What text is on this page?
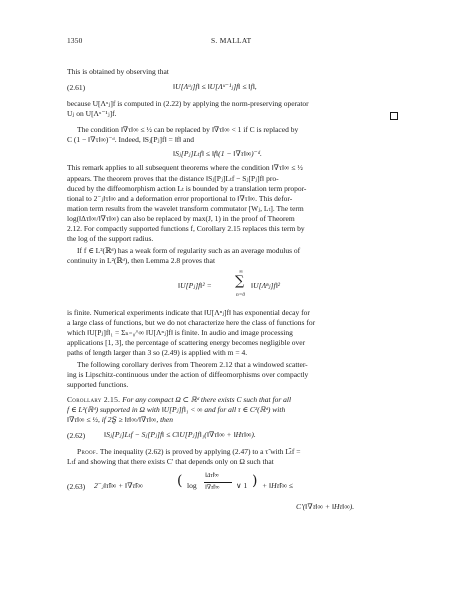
1350	S. MALLAT
This is obtained by observing that
(2.61)	‖U[Λᵘⱼ]f‖ ≤ ‖U[Λᵘ⁻¹ⱼ]f‖ ≤ ‖f‖,
because U[Λᵘⱼ]f is computed in (2.22) by applying the norm-preserving operator
Uⱼ on U[Λᵘ⁻¹ⱼ]f.
The condition ‖∇τ‖∞ ≤ ½ can be replaced by ‖∇τ‖∞ < 1 if C is replaced by
C (1 − ‖∇τ‖∞)⁻ᵈ. Indeed, ‖Sⱼ[Pⱼ]f‖ = ‖f‖ and
‖Sⱼ[Pⱼ]Lₜf‖ ≤ ‖f‖(1 − ‖∇τ‖∞)⁻ᵈ.
This remark applies to all subsequent theorems where the condition ‖∇τ‖∞ ≤ ½
appears. The theorem proves that the distance ‖Sⱼ[Pⱼ]Lₜf − Sⱼ[Pⱼ]f‖ pro-
duced by the diffeomorphism action Lₜ is bounded by a translation term propor-
tional to 2⁻ⱼ‖τ‖∞ and a deformation error proportional to ‖∇τ‖∞. This defor-
mation term results from the wavelet transform commutator [Wⱼ, Lₜ]. The term
log(‖Δτ‖∞/‖∇τ‖∞) can also be replaced by max(J, 1) in the proof of Theorem
2.12. For compactly supported functions f, Corollary 2.15 replaces this term by
the log of the support radius.
If f ∈ L²(ℝᵈ) has a weak form of regularity such as an average modulus of
continuity in L²(ℝᵈ), then Lemma 2.8 proves that
‖U[Pⱼ]f‖² =
∞
∑
n=0
‖U[Λⁿⱼ]f‖²
is finite. Numerical experiments indicate that ‖U[Λⁿⱼ]f‖ has exponential decay for
a large class of functions, but we do not characterize here the class of functions for
which ‖U[Pⱼ]f‖₁ = Σₙ₌₀^∞ ‖U[Λⁿⱼ]f‖ is finite. In audio and image processing
applications [1, 3], the percentage of scattering energy becomes negligible over
paths of length larger than 3 so (2.49) is applied with m = 4.
The following corollary derives from Theorem 2.12 that a windowed scatter-
ing is Lipschitz-continuous under the action of diffeomorphisms over compactly
supported functions.
Corollary 2.15. For any compact Ω ⊂ ℝᵈ there exists C such that for all
f ∈ L²(ℝᵈ) supported in Ω with ‖U[Pⱼ]f‖₁ < ∞ and for all τ ∈ C²(ℝᵈ) with
‖∇τ‖∞ ≤ ½, if 2Ȿ ≥ ‖τ‖∞/‖∇τ‖∞, then
(2.62) ‖Sⱼ[Pⱼ]Lₜf − Sⱼ[Pⱼ]f‖ ≤ C‖U[Pⱼ]f‖₁(‖∇τ‖∞ + ‖Hτ‖∞).
Proof. The inequality (2.62) is proved by applying (2.47) to a τ̃ with Lₜ̃f =
Lₜf and showing that there exists C′ that depends only on Ω such that
(2.63) 2⁻ⱼ‖τ̃‖∞ + ‖∇τ̃‖∞ ( log
‖Δτ̃‖∞
‖∇τ̃‖∞ ∨ 1 ) + ‖Hτ̃‖∞ ≤
C′(‖∇τ‖∞ + ‖Hτ‖∞).
